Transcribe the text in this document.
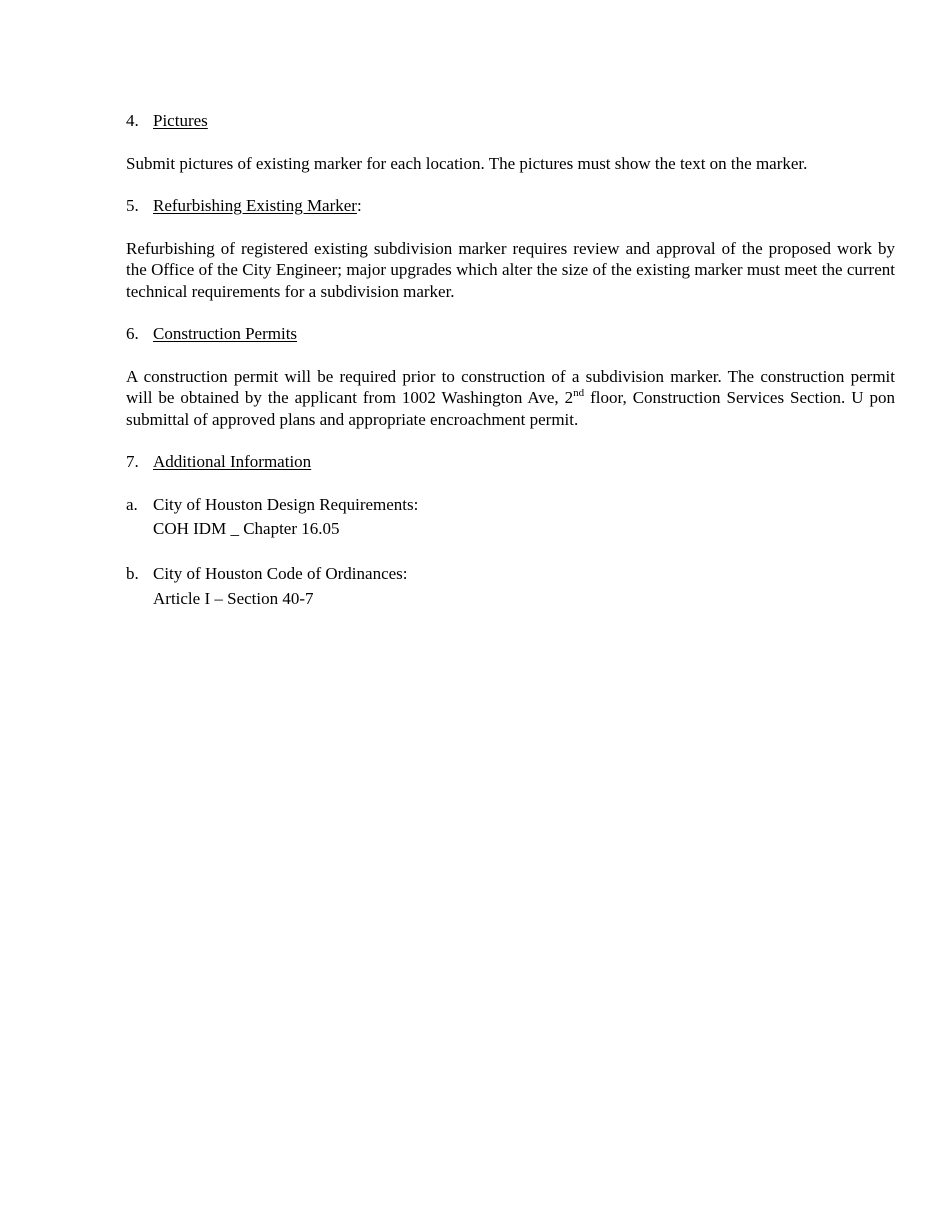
4. Pictures

Submit pictures of existing marker for each location. The pictures must show the text on the marker.

5. Refurbishing Existing Marker:

Refurbishing of registered existing subdivision marker requires review and approval of the proposed work by the Office of the City Engineer; major upgrades which alter the size of the existing marker must meet the current technical requirements for a subdivision marker.

6. Construction Permits

A construction permit will be required prior to construction of a subdivision marker. The construction permit will be obtained by the applicant from 1002 Washington Ave, 2nd floor, Construction Services Section. U pon submittal of approved plans and appropriate encroachment permit.

7. Additional Information
a. City of Houston Design Requirements:
COH IDM _ Chapter 16.05
b. City of Houston Code of Ordinances:
Article I – Section 40-7
